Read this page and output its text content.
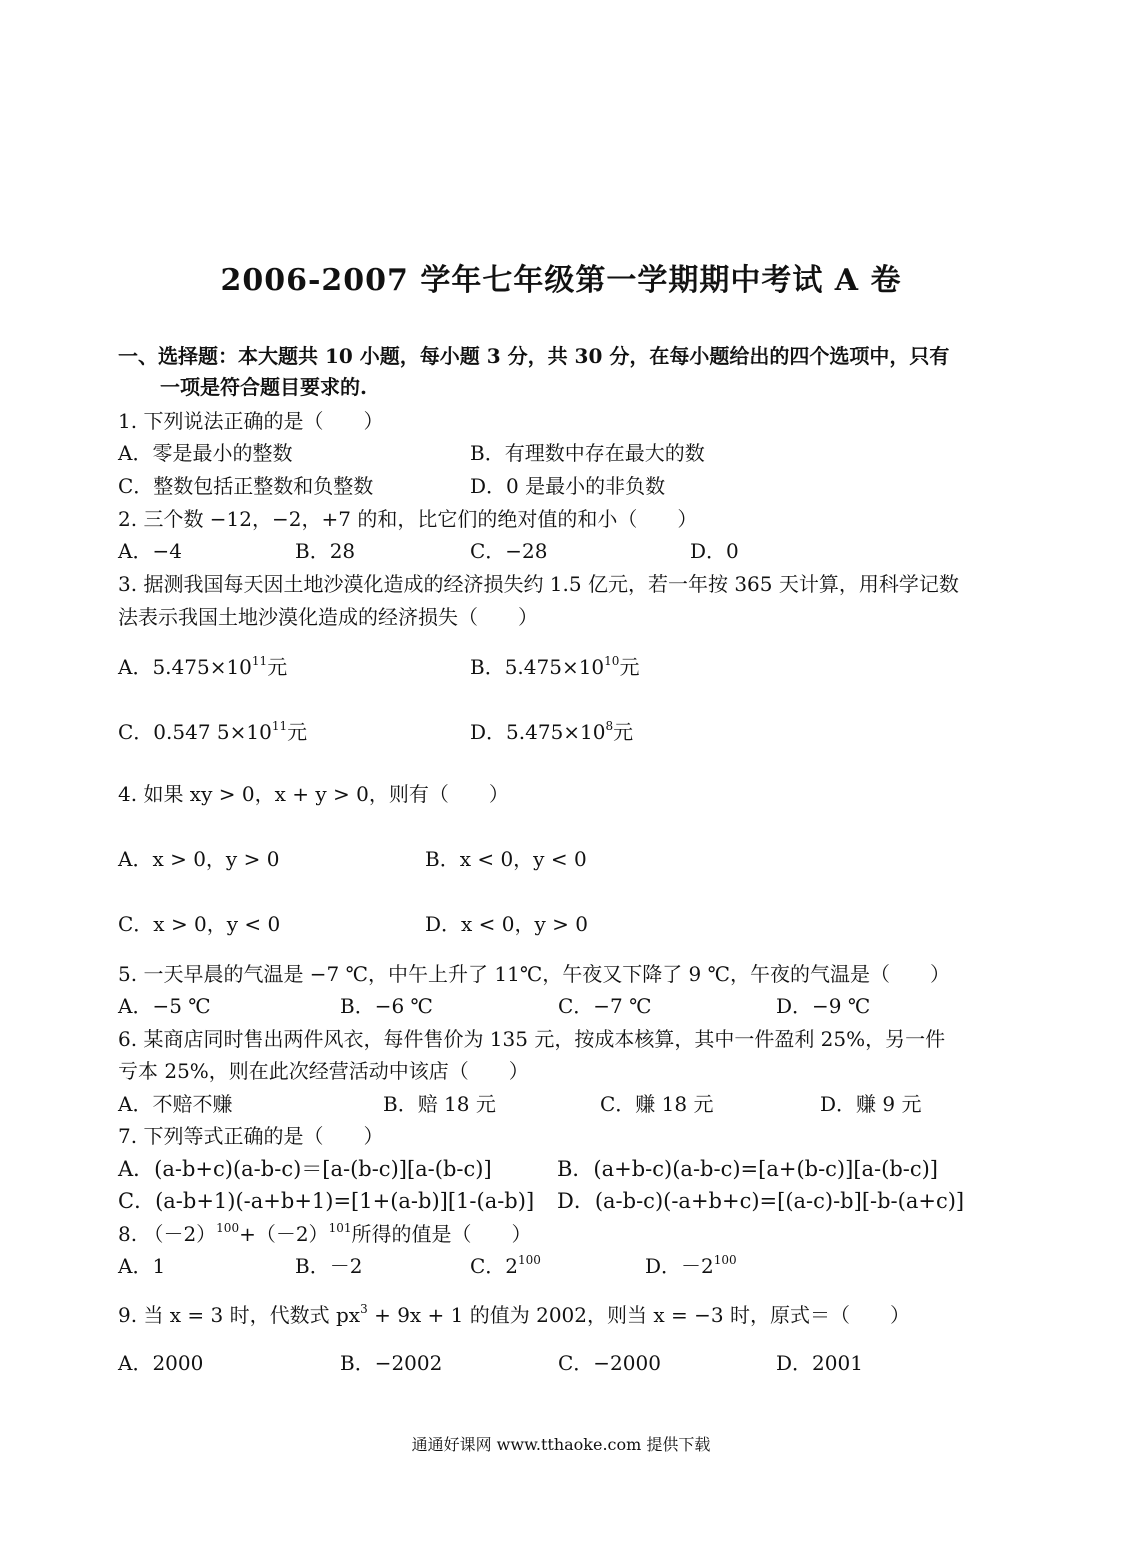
2006-2007 学年七年级第一学期期中考试 A 卷
一、选择题：本大题共 10 小题，每小题 3 分，共 30 分，在每小题给出的四个选项中，只有
一项是符合题目要求的.
1. 下列说法正确的是（　　）
A．零是最小的整数	B．有理数中存在最大的数
C．整数包括正整数和负整数	D．0 是最小的非负数
2. 三个数 −12，−2，+7 的和，比它们的绝对值的和小（　　）
A．−4	B．28	C．−28	D．0
3. 据测我国每天因土地沙漠化造成的经济损失约 1.5 亿元，若一年按 365 天计算，用科学记数
法表示我国土地沙漠化造成的经济损失（　　）
A．$5.475\times 10^{11}$元	B．$5.475\times 10^{10}$元
C．0.547 $5\times 10^{11}$元	D．$5.475\times 10^8$元
4. 如果 xy > 0，x + y > 0，则有（　　）
A．x > 0，y > 0	B．x < 0，y < 0
C．x > 0，y < 0	D．x < 0，y > 0
5. 一天早晨的气温是 −7 ℃，中午上升了 11℃，午夜又下降了 9 ℃，午夜的气温是（　　）
A．−5 ℃	B．−6 ℃	C．−7 ℃	D．−9 ℃
6. 某商店同时售出两件风衣，每件售价为 135 元，按成本核算，其中一件盈利 25%，另一件
亏本 25%，则在此次经营活动中该店（　　）
A．不赔不赚	B．赔 18 元	C．赚 18 元	D．赚 9 元
7. 下列等式正确的是（　　）
A．(a-b+c)(a-b-c)＝[a-(b-c)][a-(b-c)]	B．(a+b-c)(a-b-c)=[a+(b-c)][a-(b-c)]
C．(a-b+1)(-a+b+1)=[1+(a-b)][1-(a-b)] D．(a-b-c)(-a+b+c)=[(a-c)-b][-b-(a+c)]
8. $(-2)^{100}+(-2)^{101}$所得的值是（　　）
A．1	B．－2	C．$2^{100}$	D．$-2^{100}$
9. 当 x = 3 时，代数式 $px^3 + 9x + 1$ 的值为 2002，则当 x = −3 时，原式＝（　　）
A．2000	B．−2002	C．−2000	D．2001
通通好课网 www.tthaoke.com 提供下载
